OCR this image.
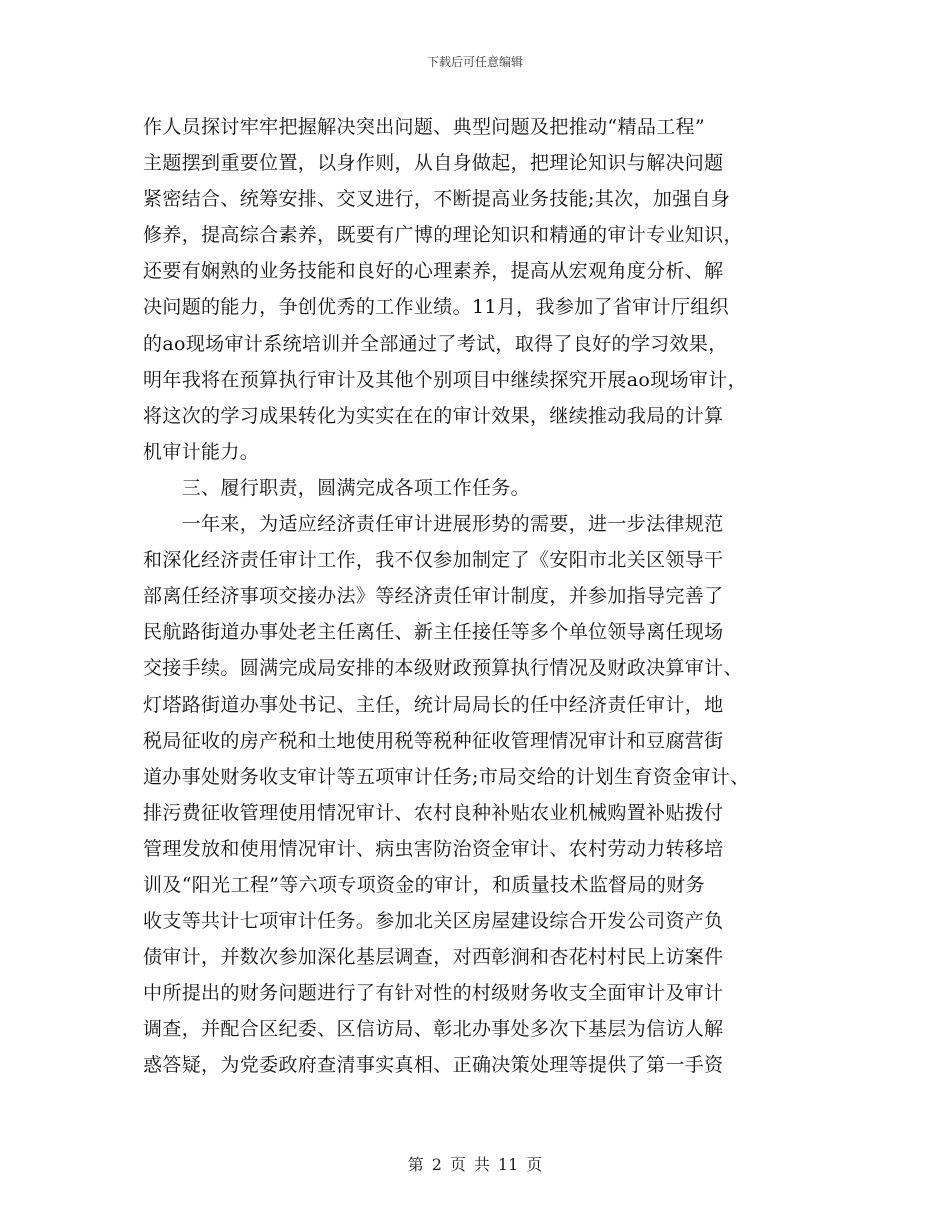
下载后可任意编辑
作人员探讨牢牢把握解决突出问题、典型问题及把推动“精品工程”
主题摆到重要位置，以身作则，从自身做起，把理论知识与解决问题
紧密结合、统筹安排、交叉进行，不断提高业务技能;其次，加强自身
修养，提高综合素养，既要有广博的理论知识和精通的审计专业知识，
还要有娴熟的业务技能和良好的心理素养，提高从宏观角度分析、解
决问题的能力，争创优秀的工作业绩。11月，我参加了省审计厅组织
的ao现场审计系统培训并全部通过了考试，取得了良好的学习效果，
明年我将在预算执行审计及其他个别项目中继续探究开展ao现场审计，
将这次的学习成果转化为实实在在的审计效果，继续推动我局的计算
机审计能力。
　　三、履行职责，圆满完成各项工作任务。
　　一年来，为适应经济责任审计进展形势的需要，进一步法律规范
和深化经济责任审计工作，我不仅参加制定了《安阳市北关区领导干
部离任经济事项交接办法》等经济责任审计制度，并参加指导完善了
民航路街道办事处老主任离任、新主任接任等多个单位领导离任现场
交接手续。圆满完成局安排的本级财政预算执行情况及财政决算审计、
灯塔路街道办事处书记、主任，统计局局长的任中经济责任审计，地
税局征收的房产税和土地使用税等税种征收管理情况审计和豆腐营街
道办事处财务收支审计等五项审计任务;市局交给的计划生育资金审计、
排污费征收管理使用情况审计、农村良种补贴农业机械购置补贴拨付
管理发放和使用情况审计、病虫害防治资金审计、农村劳动力转移培
训及“阳光工程”等六项专项资金的审计，和质量技术监督局的财务
收支等共计七项审计任务。参加北关区房屋建设综合开发公司资产负
债审计，并数次参加深化基层调查，对西彰涧和杏花村村民上访案件
中所提出的财务问题进行了有针对性的村级财务收支全面审计及审计
调查，并配合区纪委、区信访局、彰北办事处多次下基层为信访人解
惑答疑，为党委政府查清事实真相、正确决策处理等提供了第一手资
第 2 页 共 11 页
